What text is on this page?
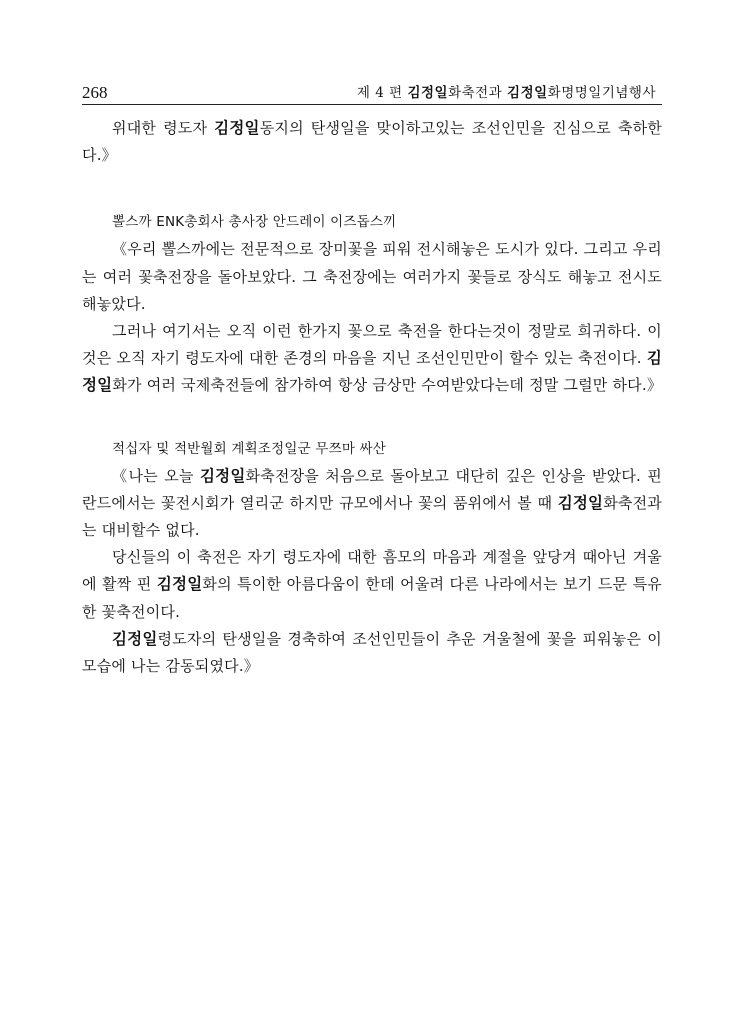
268	제 4 편 김정일화축전과 김정일화명명일기념행사

위대한 령도자 김정일동지의 탄생일을 맞이하고있는 조선인민을 진심으로 축하한다.》

뽈스까 ENK총회사 총사장 안드레이 이즈돕스끼

《우리 뽈스까에는 전문적으로 장미꽃을 피워 전시해놓은 도시가 있다. 그리고 우리는 여러 꽃축전장을 돌아보았다. 그 축전장에는 여러가지 꽃들로 장식도 해놓고 전시도 해놓았다.

그러나 여기서는 오직 이런 한가지 꽃으로 축전을 한다는것이 정말로 희귀하다. 이것은 오직 자기 령도자에 대한 존경의 마음을 지닌 조선인민만이 할수 있는 축전이다. 김정일화가 여러 국제축전들에 참가하여 항상 금상만 수여받았다는데 정말 그럴만 하다.》

적십자 및 적반월회 계획조정일군 무쯔마 싸산

《나는 오늘 김정일화축전장을 처음으로 돌아보고 대단히 깊은 인상을 받았다. 핀란드에서는 꽃전시회가 열리군 하지만 규모에서나 꽃의 품위에서 볼 때 김정일화축전과는 대비할수 없다.

당신들의 이 축전은 자기 령도자에 대한 흠모의 마음과 계절을 앞당겨 때아닌 겨울에 활짝 핀 김정일화의 특이한 아름다움이 한데 어울려 다른 나라에서는 보기 드문 특유한 꽃축전이다.

김정일령도자의 탄생일을 경축하여 조선인민들이 추운 겨울철에 꽃을 피워놓은 이 모습에 나는 감동되였다.》
